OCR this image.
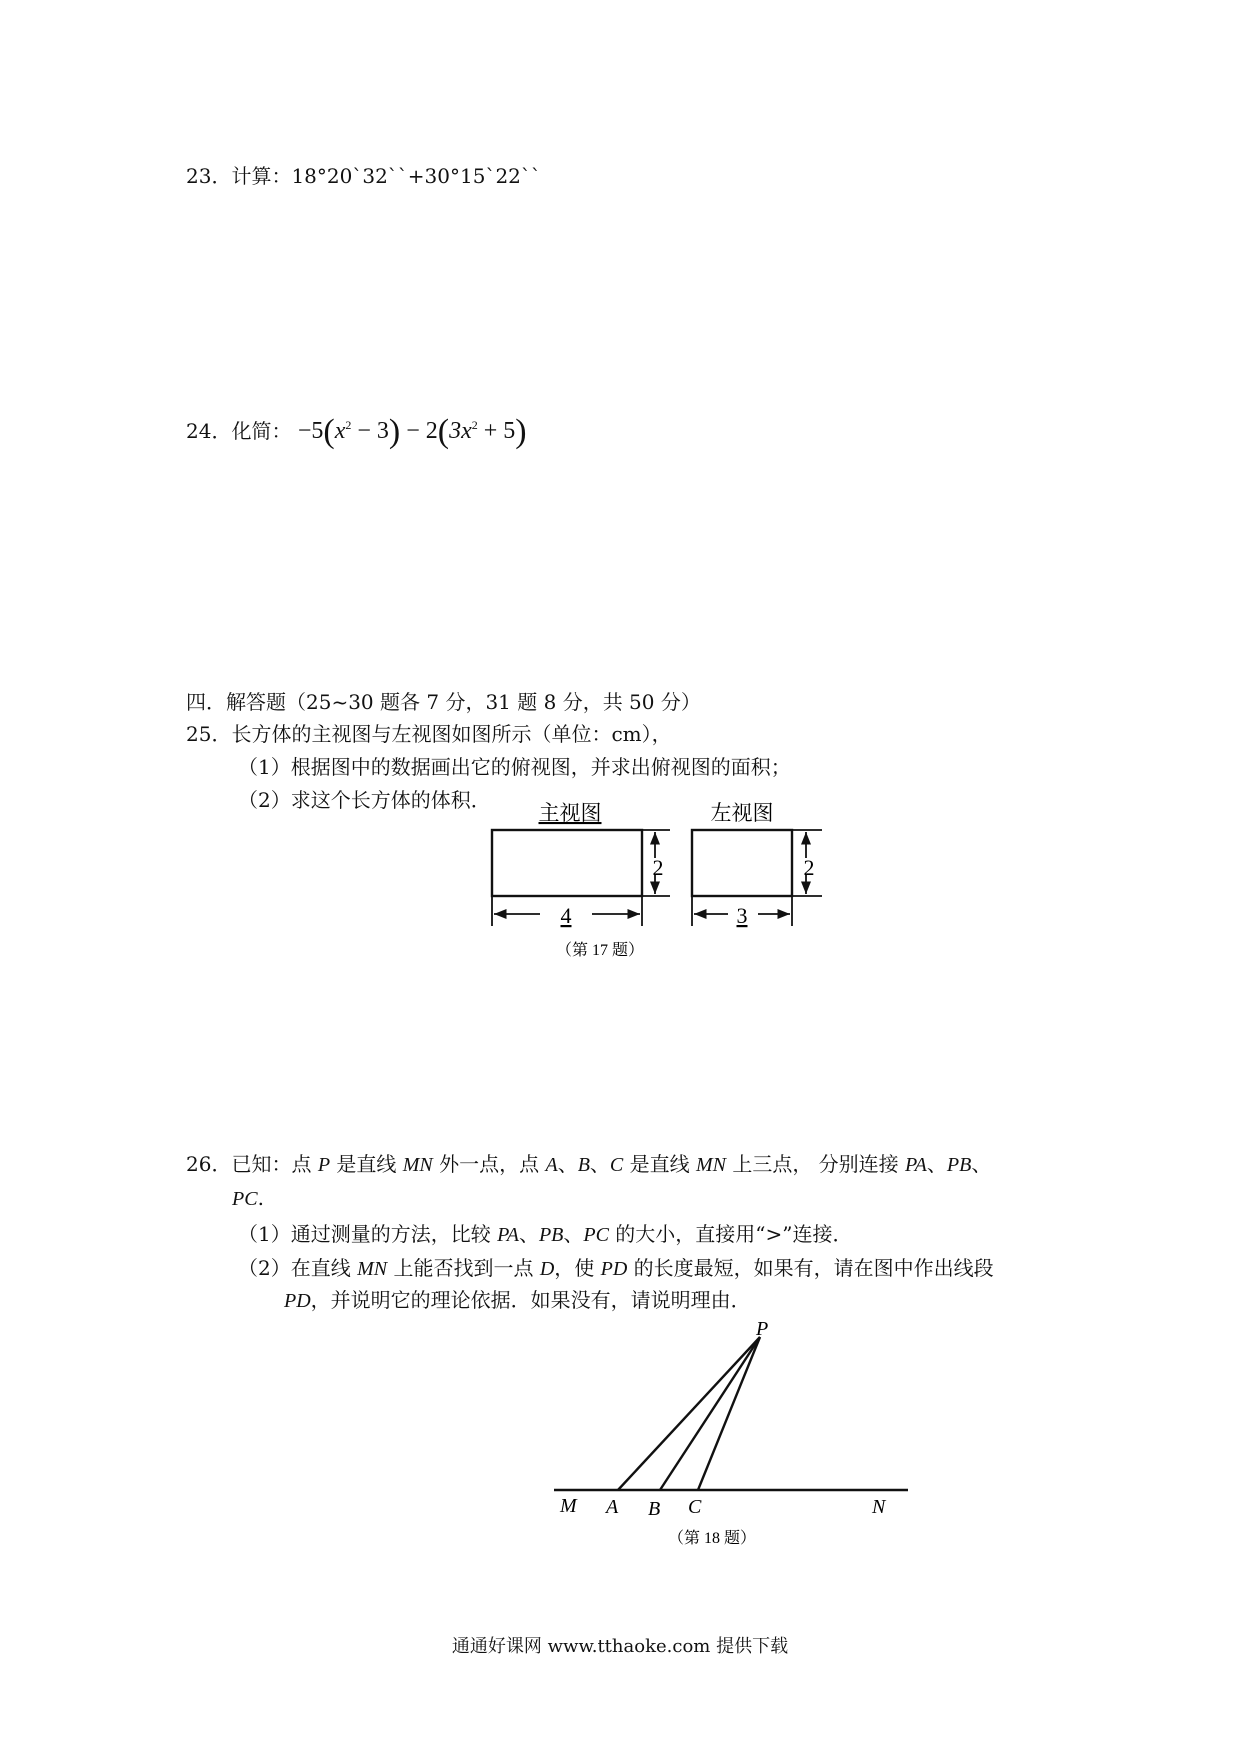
23．计算：18°20`32``+30°15`22``
24．化简： $-5(x^2 - 3) - 2(3x^2 + 5)$
四．解答题（25~30 题各 7 分，31 题 8 分，共 50 分）
25．长方体的主视图与左视图如图所示（单位：cm），
（1）根据图中的数据画出它的俯视图，并求出俯视图的面积；
（2）求这个长方体的体积．
主视图	左视图
2
4
2
3
（第 17 题）
26．已知：点 P 是直线 MN 外一点，点 A、B、C 是直线 MN 上三点， 分别连接 PA、PB、
PC.
（1）通过测量的方法，比较 PA、PB、PC 的大小，直接用“>”连接．
（2）在直线 MN 上能否找到一点 D，使 PD 的长度最短，如果有，请在图中作出线段
PD，并说明它的理论依据．如果没有，请说明理由．
P
M A B C	N
（第 18 题）
通通好课网 www.tthaoke.com 提供下载
